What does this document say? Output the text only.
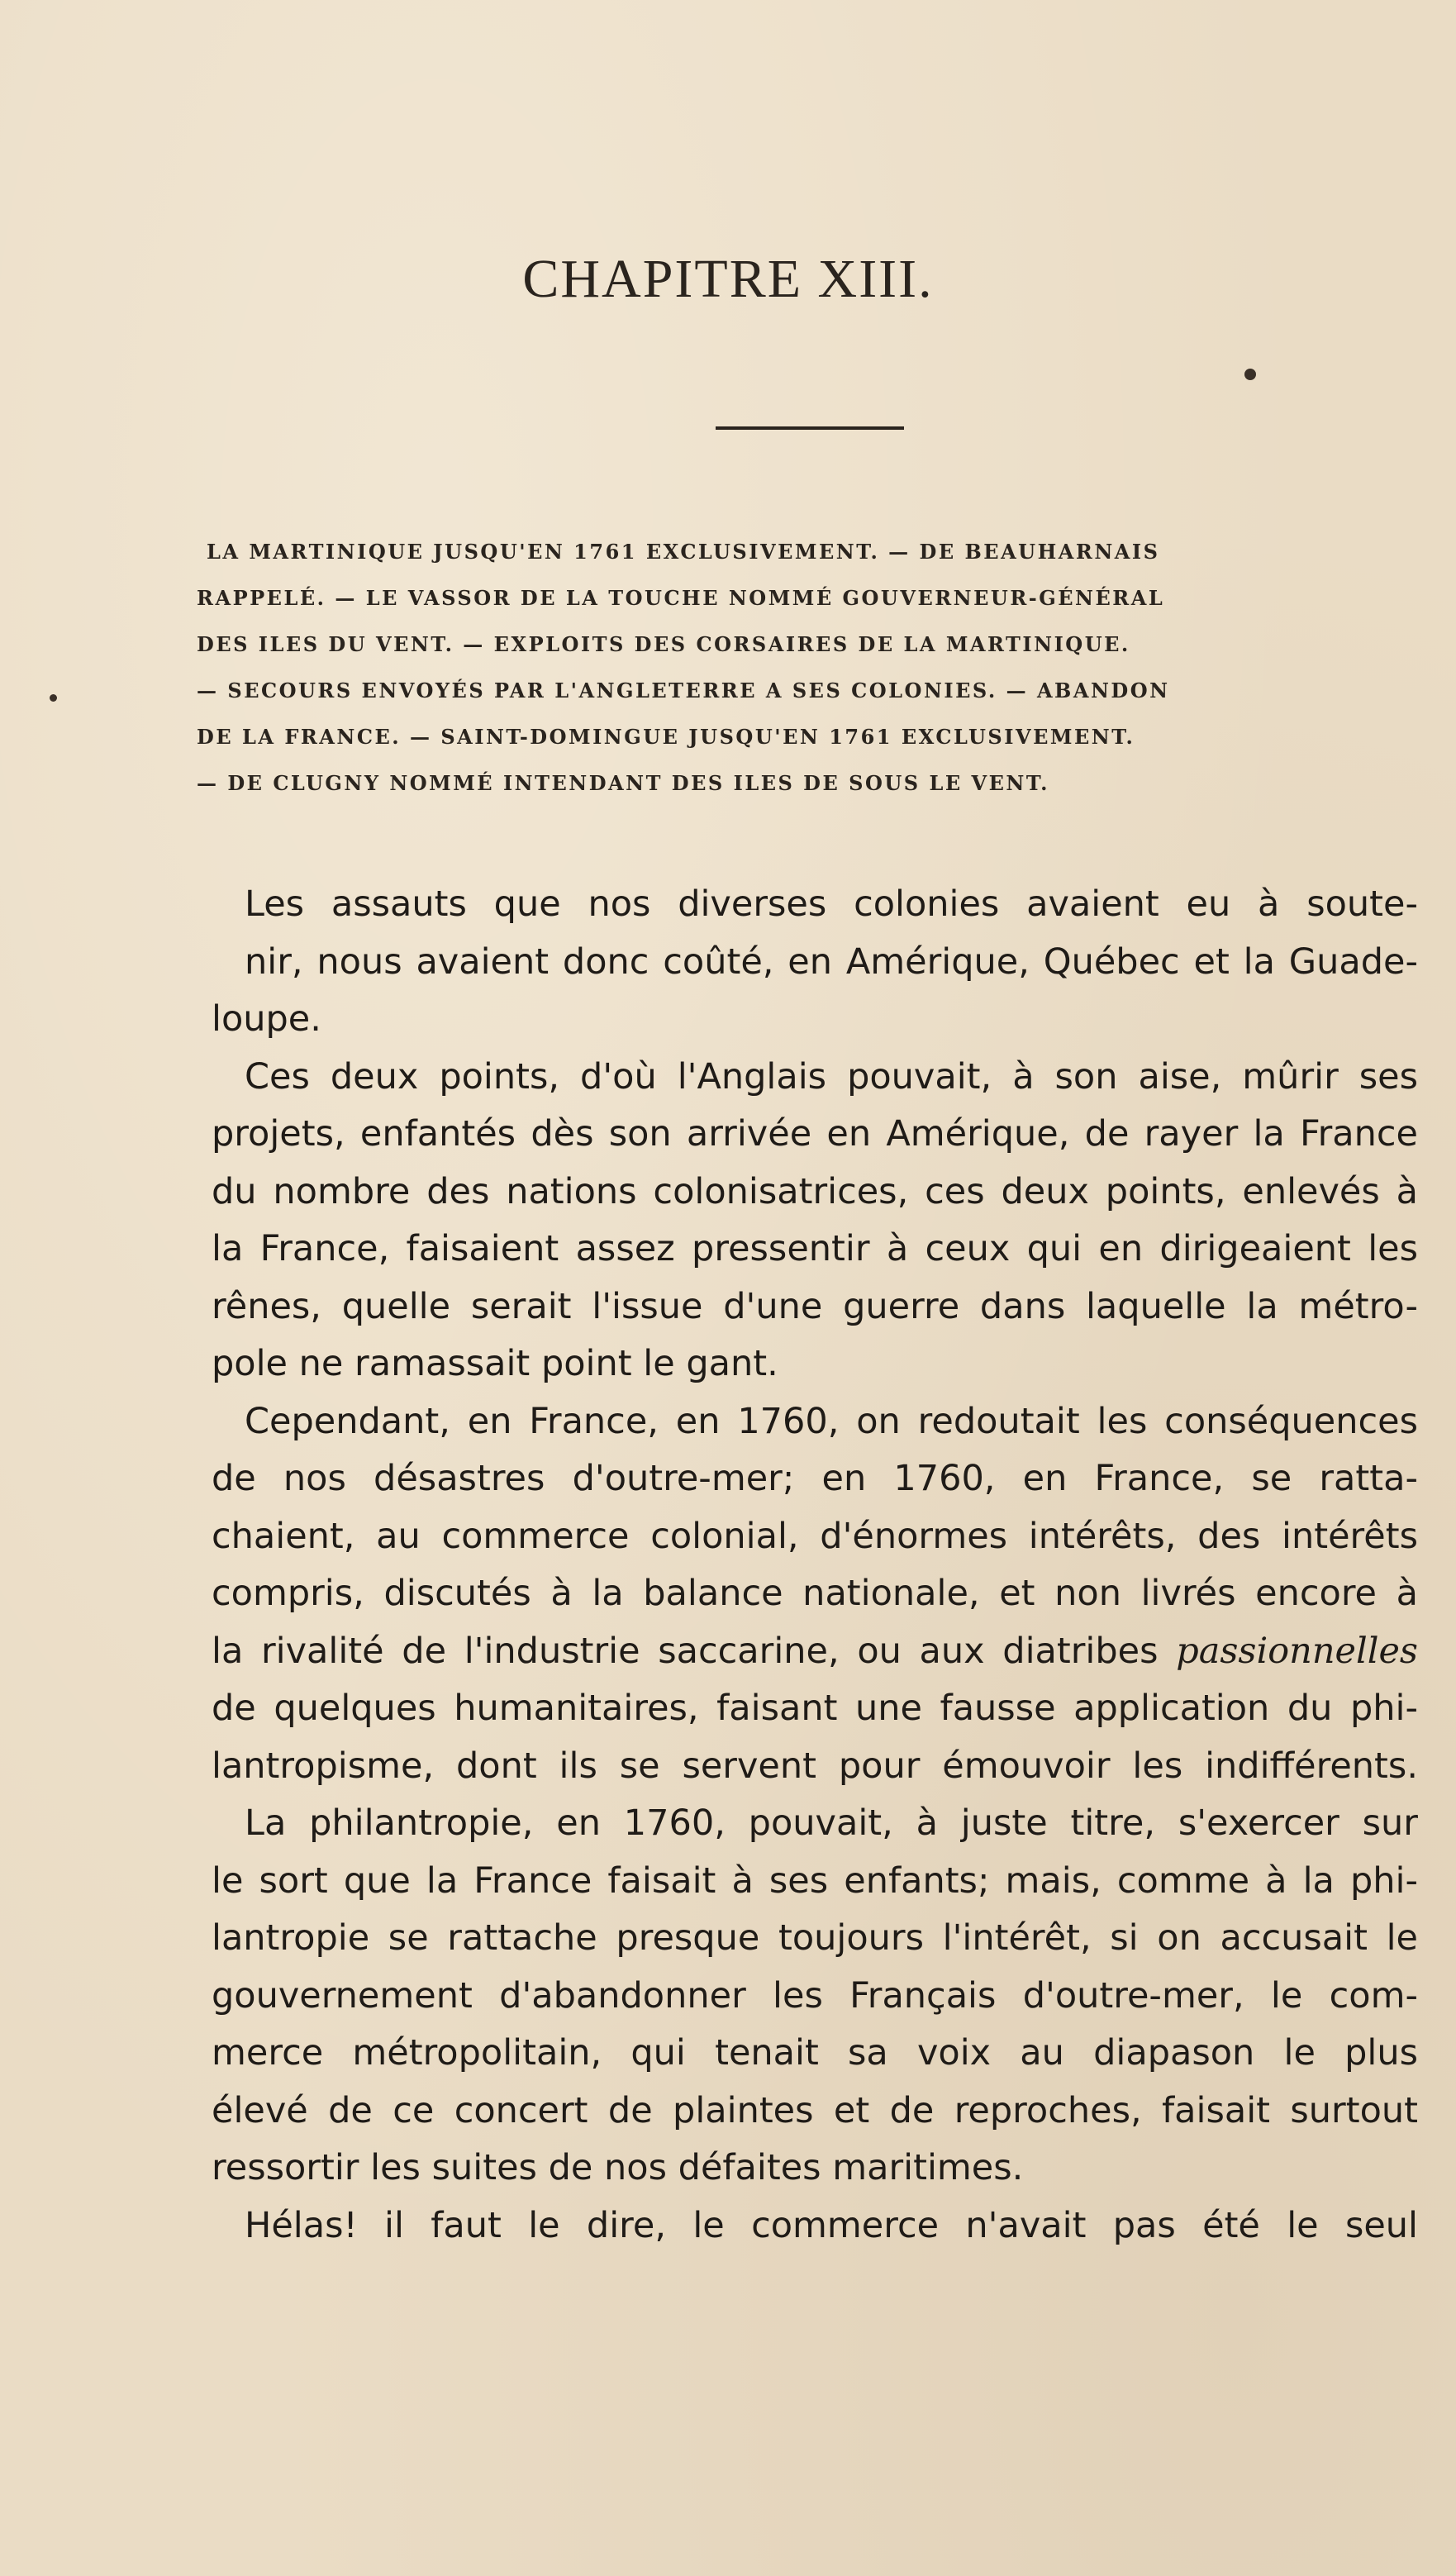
CHAPITRE XIII.
LA MARTINIQUE JUSQU'EN 1761 EXCLUSIVEMENT. — DE BEAUHARNAIS
RAPPELÉ. — LE VASSOR DE LA TOUCHE NOMMÉ GOUVERNEUR-GÉNÉRAL
DES ILES DU VENT. — EXPLOITS DES CORSAIRES DE LA MARTINIQUE.
— SECOURS ENVOYÉS PAR L'ANGLETERRE A SES COLONIES. — ABANDON
DE LA FRANCE. — SAINT-DOMINGUE JUSQU'EN 1761 EXCLUSIVEMENT.
— DE CLUGNY NOMMÉ INTENDANT DES ILES DE SOUS LE VENT.
Les assauts que nos diverses colonies avaient eu à soute-
nir, nous avaient donc coûté, en Amérique, Québec et la Guade-
loupe.
Ces deux points, d'où l'Anglais pouvait, à son aise, mûrir ses
projets, enfantés dès son arrivée en Amérique, de rayer la France
du nombre des nations colonisatrices, ces deux points, enlevés à
la France, faisaient assez pressentir à ceux qui en dirigeaient les
rênes, quelle serait l'issue d'une guerre dans laquelle la métro-
pole ne ramassait point le gant.
Cependant, en France, en 1760, on redoutait les conséquences
de nos désastres d'outre-mer; en 1760, en France, se ratta-
chaient, au commerce colonial, d'énormes intérêts, des intérêts
compris, discutés à la balance nationale, et non livrés encore à
la rivalité de l'industrie saccarine, ou aux diatribes passionnelles
de quelques humanitaires, faisant une fausse application du phi-
lantropisme, dont ils se servent pour émouvoir les indifférents.
La philantropie, en 1760, pouvait, à juste titre, s'exercer sur
le sort que la France faisait à ses enfants; mais, comme à la phi-
lantropie se rattache presque toujours l'intérêt, si on accusait le
gouvernement d'abandonner les Français d'outre-mer, le com-
merce métropolitain, qui tenait sa voix au diapason le plus
élevé de ce concert de plaintes et de reproches, faisait surtout
ressortir les suites de nos défaites maritimes.
Hélas! il faut le dire, le commerce n'avait pas été le seul
